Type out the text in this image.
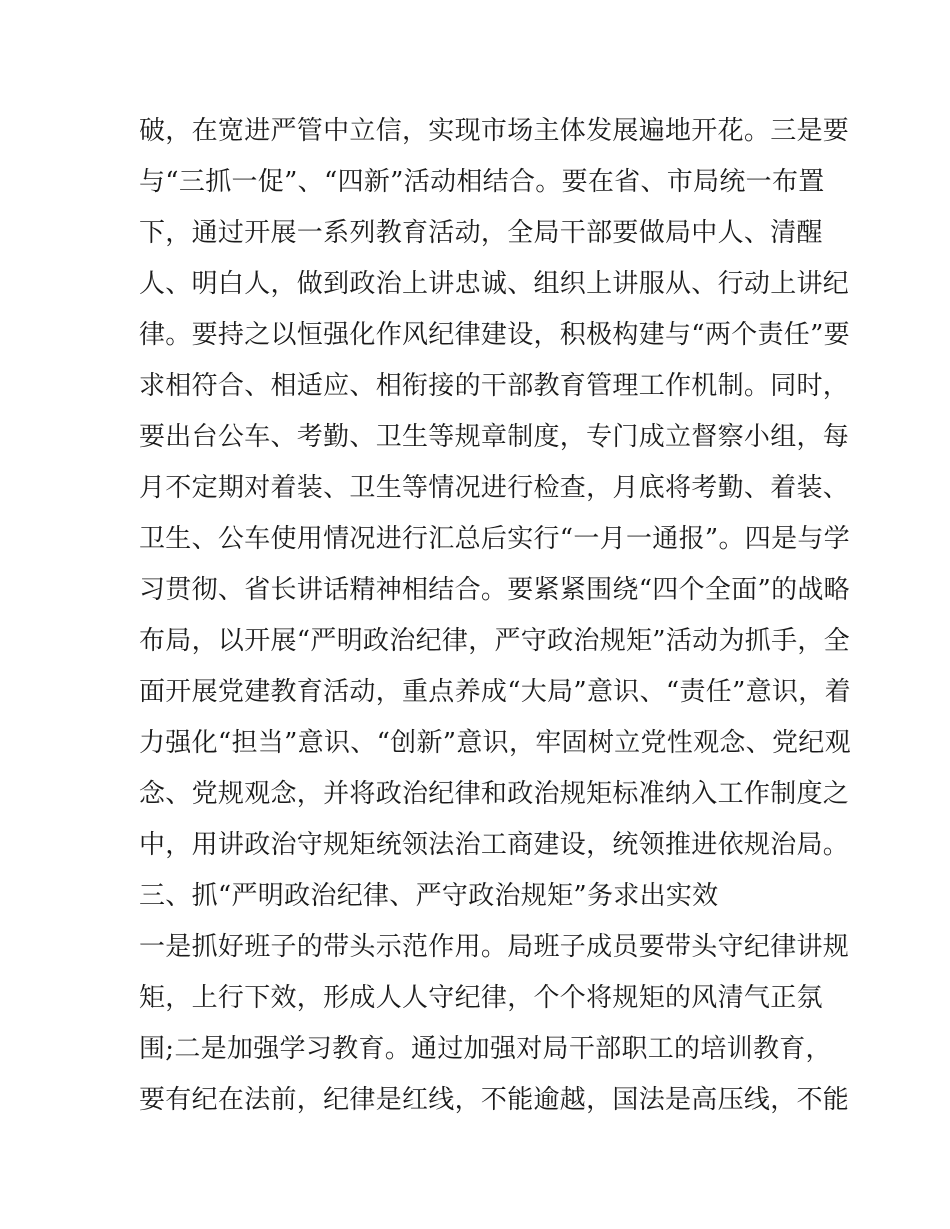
破，在宽进严管中立信，实现市场主体发展遍地开花。三是要
与“三抓一促”、“四新”活动相结合。要在省、市局统一布置
下，通过开展一系列教育活动，全局干部要做局中人、清醒
人、明白人，做到政治上讲忠诚、组织上讲服从、行动上讲纪
律。要持之以恒强化作风纪律建设，积极构建与“两个责任”要
求相符合、相适应、相衔接的干部教育管理工作机制。同时，
要出台公车、考勤、卫生等规章制度，专门成立督察小组，每
月不定期对着装、卫生等情况进行检查，月底将考勤、着装、
卫生、公车使用情况进行汇总后实行“一月一通报”。四是与学
习贯彻、省长讲话精神相结合。要紧紧围绕“四个全面”的战略
布局，以开展“严明政治纪律，严守政治规矩”活动为抓手，全
面开展党建教育活动，重点养成“大局”意识、“责任”意识，着
力强化“担当”意识、“创新”意识，牢固树立党性观念、党纪观
念、党规观念，并将政治纪律和政治规矩标准纳入工作制度之
中，用讲政治守规矩统领法治工商建设，统领推进依规治局。
三、抓“严明政治纪律、严守政治规矩”务求出实效
一是抓好班子的带头示范作用。局班子成员要带头守纪律讲规
矩，上行下效，形成人人守纪律，个个将规矩的风清气正氛
围;二是加强学习教育。通过加强对局干部职工的培训教育，
要有纪在法前，纪律是红线，不能逾越，国法是高压线，不能
